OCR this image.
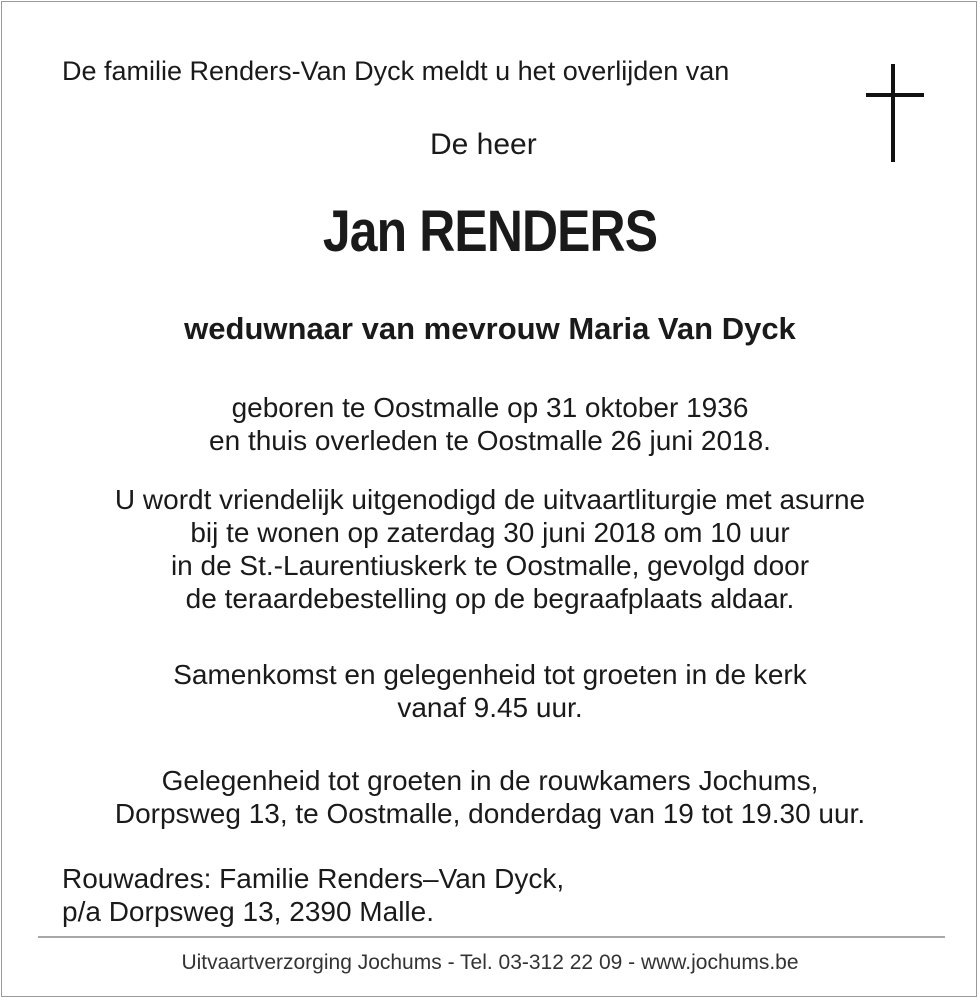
De familie Renders-Van Dyck meldt u het overlijden van
De heer
Jan RENDERS
weduwnaar van mevrouw Maria Van Dyck
geboren te Oostmalle op 31 oktober 1936
en thuis overleden te Oostmalle 26 juni 2018.
U wordt vriendelijk uitgenodigd de uitvaartliturgie met asurne
bij te wonen op zaterdag 30 juni 2018 om 10 uur
in de St.-Laurentiuskerk te Oostmalle, gevolgd door
de teraardebestelling op de begraafplaats aldaar.
Samenkomst en gelegenheid tot groeten in de kerk
vanaf 9.45 uur.
Gelegenheid tot groeten in de rouwkamers Jochums,
Dorpsweg 13, te Oostmalle, donderdag van 19 tot 19.30 uur.
Rouwadres: Familie Renders–Van Dyck,
p/a Dorpsweg 13, 2390 Malle.
Uitvaartverzorging Jochums - Tel. 03-312 22 09 - www.jochums.be
